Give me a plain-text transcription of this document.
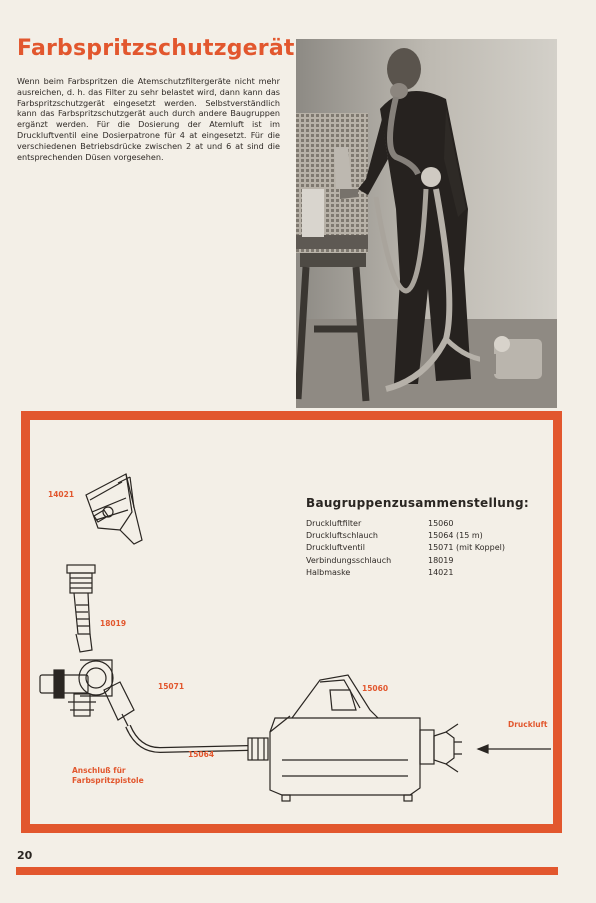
Farbspritzschutzgerät

Wenn beim Farbspritzen die Atemschutzfiltergeräte nicht mehr ausreichen, d. h. das Filter zu sehr belastet wird, dann kann das Farbspritzschutzgerät eingesetzt werden. Selbstverständlich kann das Farbspritzschutzgerät auch durch andere Baugruppen ergänzt werden. Für die Dosierung der Atemluft ist im Druckluftventil eine Dosierpatrone für 4 at eingesetzt. Für die verschiedenen Betriebsdrücke zwischen 2 at und 6 at sind die entsprechenden Düsen vorgesehen.

14021
18019
15071
15064
15060
Druckluft
Anschluß für
Farbspritzpistole
Baugruppenzusammenstellung:
Druckluftfilter	15060
Druckluftschlauch	15064 (15 m)
Druckluftventil	15071 (mit Koppel)
Verbindungsschlauch	18019
Halbmaske	14021
20
